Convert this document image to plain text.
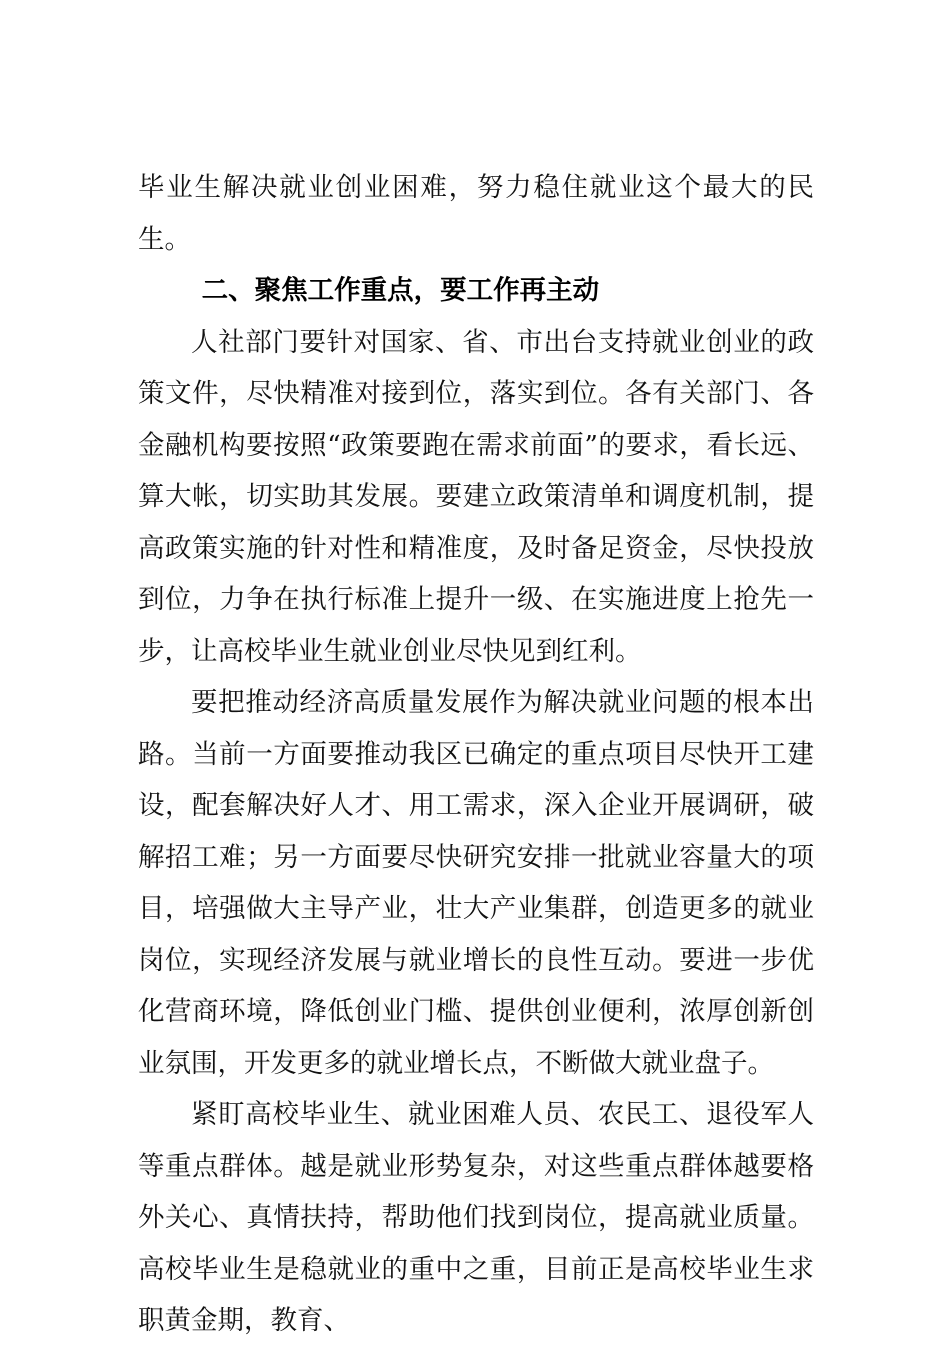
毕业生解决就业创业困难，努力稳住就业这个最大的民生。

二、聚焦工作重点，要工作再主动

人社部门要针对国家、省、市出台支持就业创业的政策文件，尽快精准对接到位，落实到位。各有关部门、各金融机构要按照“政策要跑在需求前面”的要求，看长远、算大帐，切实助其发展。要建立政策清单和调度机制，提高政策实施的针对性和精准度，及时备足资金，尽快投放到位，力争在执行标准上提升一级、在实施进度上抢先一步，让高校毕业生就业创业尽快见到红利。

要把推动经济高质量发展作为解决就业问题的根本出路。当前一方面要推动我区已确定的重点项目尽快开工建设，配套解决好人才、用工需求，深入企业开展调研，破解招工难；另一方面要尽快研究安排一批就业容量大的项目，培强做大主导产业，壮大产业集群，创造更多的就业岗位，实现经济发展与就业增长的良性互动。要进一步优化营商环境，降低创业门槛、提供创业便利，浓厚创新创业氛围，开发更多的就业增长点，不断做大就业盘子。

紧盯高校毕业生、就业困难人员、农民工、退役军人等重点群体。越是就业形势复杂，对这些重点群体越要格外关心、真情扶持，帮助他们找到岗位，提高就业质量。高校毕业生是稳就业的重中之重，目前正是高校毕业生求职黄金期，教育、
